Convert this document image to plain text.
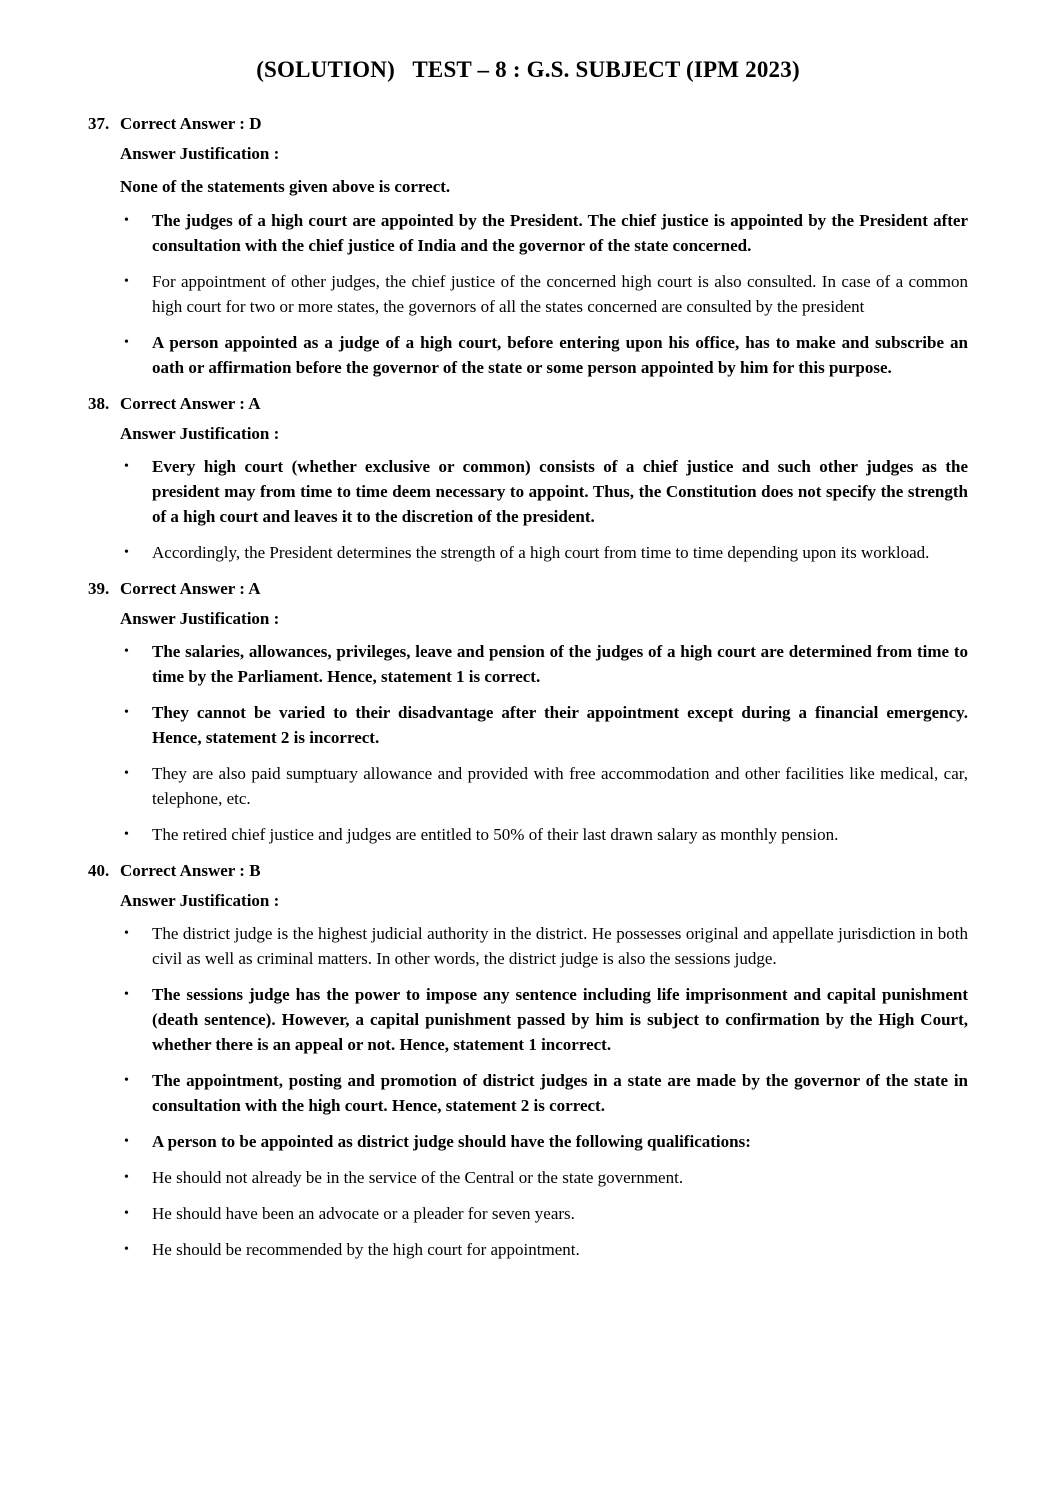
(SOLUTION)   TEST – 8 : G.S. SUBJECT (IPM 2023)
37. Correct Answer : D
Answer Justification :
None of the statements given above is correct.
•	The judges of a high court are appointed by the President. The chief justice is appointed by the President after consultation with the chief justice of India and the governor of the state concerned.
•	For appointment of other judges, the chief justice of the concerned high court is also consulted. In case of a common high court for two or more states, the governors of all the states concerned are consulted by the president
•	A person appointed as a judge of a high court, before entering upon his office, has to make and subscribe an oath or affirmation before the governor of the state or some person appointed by him for this purpose.
38. Correct Answer : A
Answer Justification :
•	Every high court (whether exclusive or common) consists of a chief justice and such other judges as the president may from time to time deem necessary to appoint. Thus, the Constitution does not specify the strength of a high court and leaves it to the discretion of the president.
•	Accordingly, the President determines the strength of a high court from time to time depending upon its workload.
39. Correct Answer : A
Answer Justification :
•	The salaries, allowances, privileges, leave and pension of the judges of a high court are determined from time to time by the Parliament. Hence, statement 1 is correct.
•	They cannot be varied to their disadvantage after their appointment except during a financial emergency. Hence, statement 2 is incorrect.
•	They are also paid sumptuary allowance and provided with free accommodation and other facilities like medical, car, telephone, etc.
•	The retired chief justice and judges are entitled to 50% of their last drawn salary as monthly pension.
40. Correct Answer : B
Answer Justification :
•	The district judge is the highest judicial authority in the district. He possesses original and appellate jurisdiction in both civil as well as criminal matters. In other words, the district judge is also the sessions judge.
•	The sessions judge has the power to impose any sentence including life imprisonment and capital punishment (death sentence). However, a capital punishment passed by him is subject to confirmation by the High Court, whether there is an appeal or not. Hence, statement 1 incorrect.
•	The appointment, posting and promotion of district judges in a state are made by the governor of the state in consultation with the high court. Hence, statement 2 is correct.
•	A person to be appointed as district judge should have the following qualifications:
•	He should not already be in the service of the Central or the state government.
•	He should have been an advocate or a pleader for seven years.
•	He should be recommended by the high court for appointment.
